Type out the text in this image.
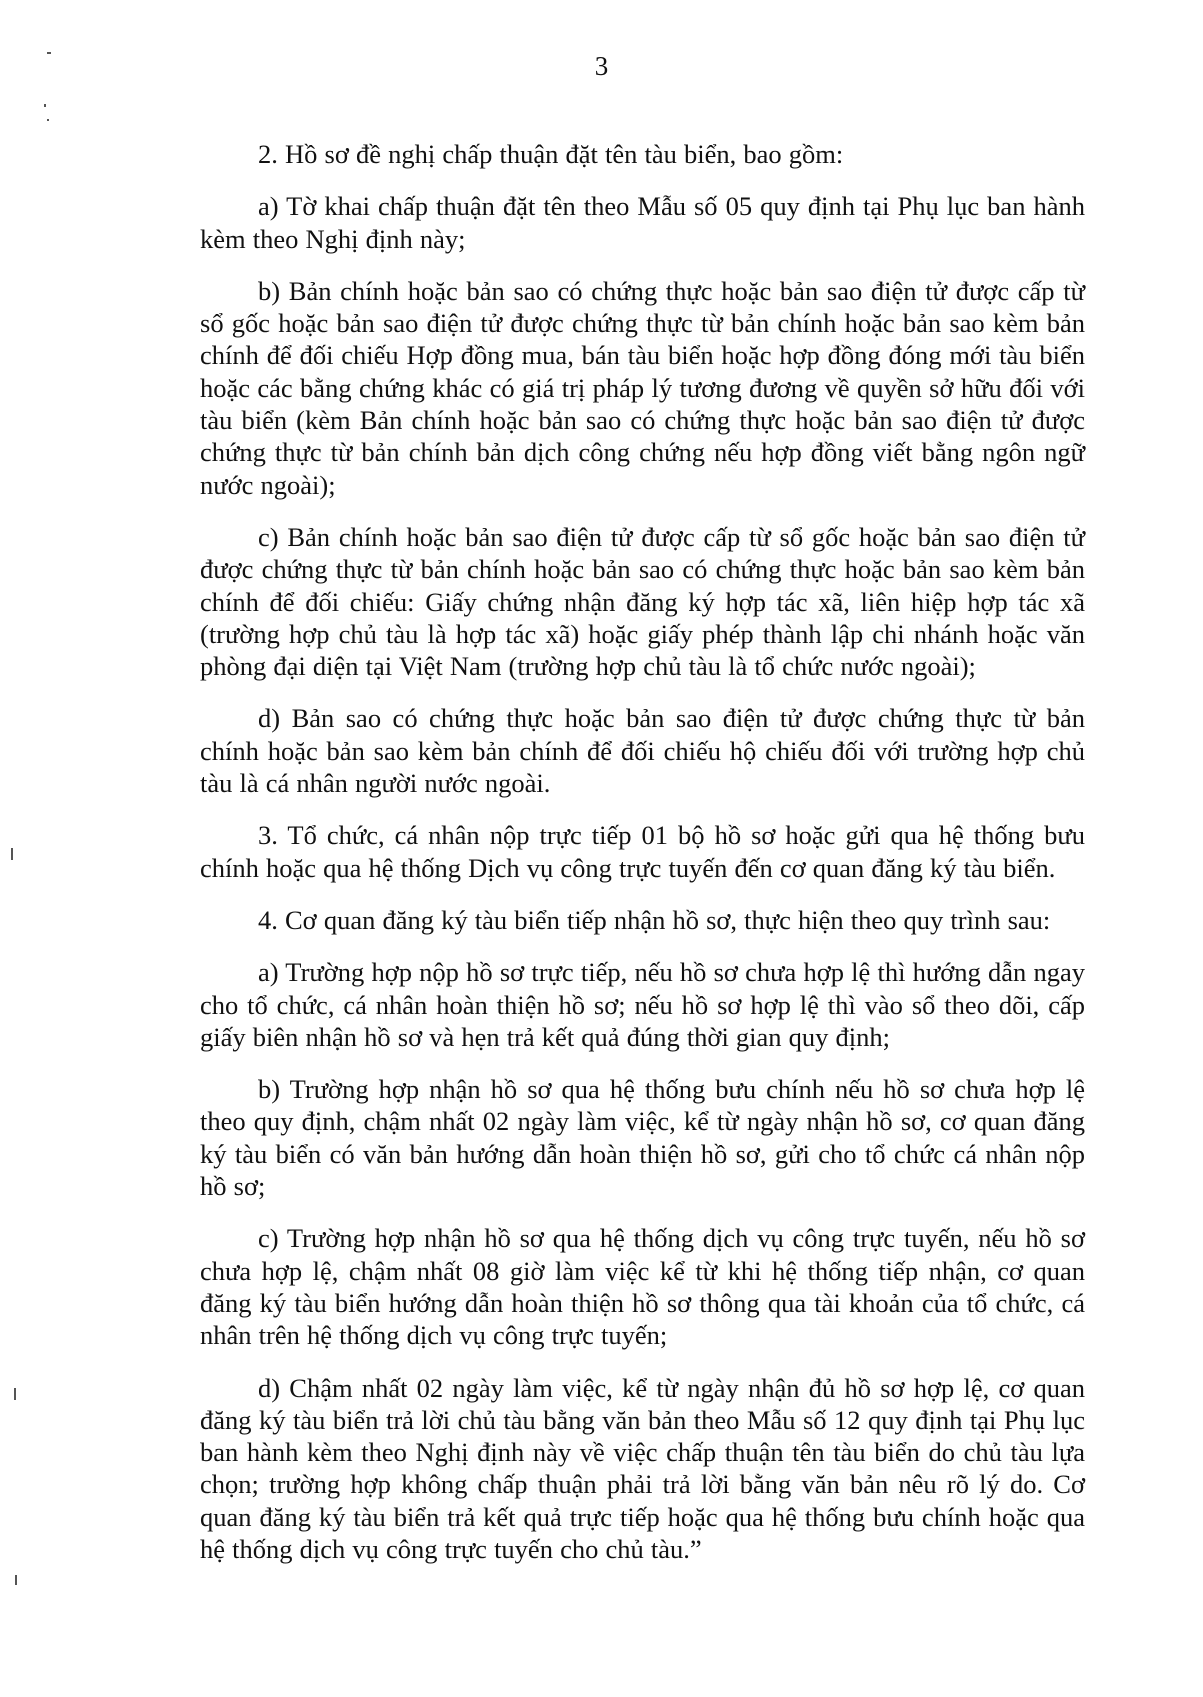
3

2. Hồ sơ đề nghị chấp thuận đặt tên tàu biển, bao gồm:

a) Tờ khai chấp thuận đặt tên theo Mẫu số 05 quy định tại Phụ lục ban hành kèm theo Nghị định này;

b) Bản chính hoặc bản sao có chứng thực hoặc bản sao điện tử được cấp từ sổ gốc hoặc bản sao điện tử được chứng thực từ bản chính hoặc bản sao kèm bản chính để đối chiếu Hợp đồng mua, bán tàu biển hoặc hợp đồng đóng mới tàu biển hoặc các bằng chứng khác có giá trị pháp lý tương đương về quyền sở hữu đối với tàu biển (kèm Bản chính hoặc bản sao có chứng thực hoặc bản sao điện tử được chứng thực từ bản chính bản dịch công chứng nếu hợp đồng viết bằng ngôn ngữ nước ngoài);

c) Bản chính hoặc bản sao điện tử được cấp từ sổ gốc hoặc bản sao điện tử được chứng thực từ bản chính hoặc bản sao có chứng thực hoặc bản sao kèm bản chính để đối chiếu: Giấy chứng nhận đăng ký hợp tác xã, liên hiệp hợp tác xã (trường hợp chủ tàu là hợp tác xã) hoặc giấy phép thành lập chi nhánh hoặc văn phòng đại diện tại Việt Nam (trường hợp chủ tàu là tổ chức nước ngoài);

d) Bản sao có chứng thực hoặc bản sao điện tử được chứng thực từ bản chính hoặc bản sao kèm bản chính để đối chiếu hộ chiếu đối với trường hợp chủ tàu là cá nhân người nước ngoài.

3. Tổ chức, cá nhân nộp trực tiếp 01 bộ hồ sơ hoặc gửi qua hệ thống bưu chính hoặc qua hệ thống Dịch vụ công trực tuyến đến cơ quan đăng ký tàu biển.

4. Cơ quan đăng ký tàu biển tiếp nhận hồ sơ, thực hiện theo quy trình sau:

a) Trường hợp nộp hồ sơ trực tiếp, nếu hồ sơ chưa hợp lệ thì hướng dẫn ngay cho tổ chức, cá nhân hoàn thiện hồ sơ; nếu hồ sơ hợp lệ thì vào sổ theo dõi, cấp giấy biên nhận hồ sơ và hẹn trả kết quả đúng thời gian quy định;

b) Trường hợp nhận hồ sơ qua hệ thống bưu chính nếu hồ sơ chưa hợp lệ theo quy định, chậm nhất 02 ngày làm việc, kể từ ngày nhận hồ sơ, cơ quan đăng ký tàu biển có văn bản hướng dẫn hoàn thiện hồ sơ, gửi cho tổ chức cá nhân nộp hồ sơ;

c) Trường hợp nhận hồ sơ qua hệ thống dịch vụ công trực tuyến, nếu hồ sơ chưa hợp lệ, chậm nhất 08 giờ làm việc kể từ khi hệ thống tiếp nhận, cơ quan đăng ký tàu biển hướng dẫn hoàn thiện hồ sơ thông qua tài khoản của tổ chức, cá nhân trên hệ thống dịch vụ công trực tuyến;

d) Chậm nhất 02 ngày làm việc, kể từ ngày nhận đủ hồ sơ hợp lệ, cơ quan đăng ký tàu biển trả lời chủ tàu bằng văn bản theo Mẫu số 12 quy định tại Phụ lục ban hành kèm theo Nghị định này về việc chấp thuận tên tàu biển do chủ tàu lựa chọn; trường hợp không chấp thuận phải trả lời bằng văn bản nêu rõ lý do. Cơ quan đăng ký tàu biển trả kết quả trực tiếp hoặc qua hệ thống bưu chính hoặc qua hệ thống dịch vụ công trực tuyến cho chủ tàu.”
